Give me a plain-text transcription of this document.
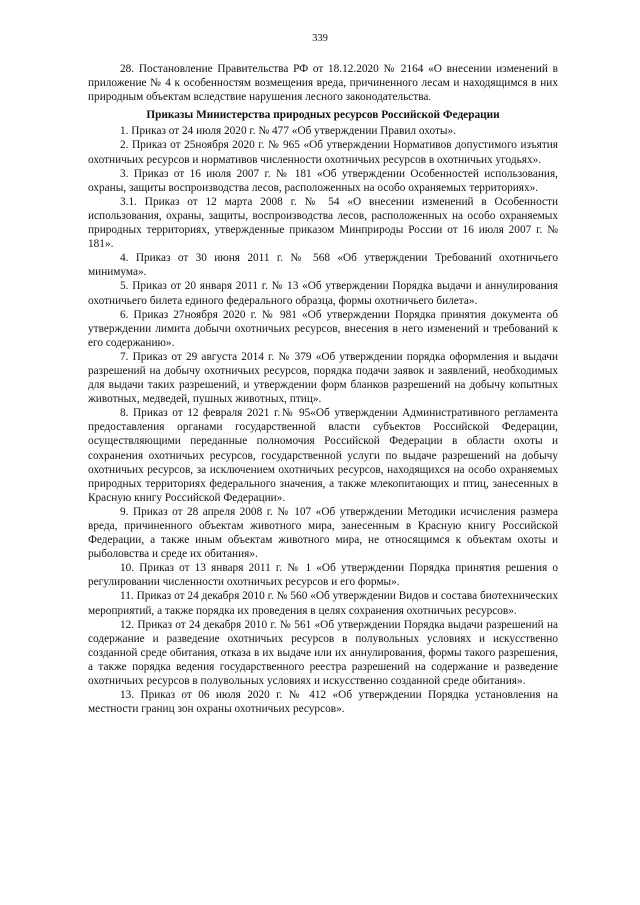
339

28. Постановление Правительства РФ от 18.12.2020 № 2164 «О внесении изменений в приложение № 4 к особенностям возмещения вреда, причиненного лесам и находящимся в них природным объектам вследствие нарушения лесного законодательства.

Приказы Министерства природных ресурсов Российской Федерации

1. Приказ от 24 июля 2020 г. № 477 «Об утверждении Правил охоты».

2. Приказ от 25ноября 2020 г. № 965 «Об утверждении Нормативов допустимого изъятия охотничьих ресурсов и нормативов численности охотничьих ресурсов в охотничьих угодьях».

3. Приказ от 16 июля 2007 г. № 181 «Об утверждении Особенностей использования, охраны, защиты воспроизводства лесов, расположенных на особо охраняемых территориях».

3.1. Приказ от 12 марта 2008 г. № 54 «О внесении изменений в Особенности использования, охраны, защиты, воспроизводства лесов, расположенных на особо охраняемых природных территориях, утвержденные приказом Минприроды России от 16 июля 2007 г. № 181».

4. Приказ от 30 июня 2011 г. № 568 «Об утверждении Требований охотничьего минимума».

5. Приказ от 20 января 2011 г. № 13 «Об утверждении Порядка выдачи и аннулирования охотничьего билета единого федерального образца, формы охотничьего билета».

6. Приказ 27ноября 2020 г. № 981 «Об утверждении Порядка принятия документа об утверждении лимита добычи охотничьих ресурсов, внесения в него изменений и требований к его содержанию».

7. Приказ от 29 августа 2014 г. № 379 «Об утверждении порядка оформления и выдачи разрешений на добычу охотничьих ресурсов, порядка подачи заявок и заявлений, необходимых для выдачи таких разрешений, и утверждении форм бланков разрешений на добычу копытных животных, медведей, пушных животных, птиц».

8. Приказ от 12 февраля 2021 г.№ 95«Об утверждении Административного регламента предоставления органами государственной власти субъектов Российской Федерации, осуществляющими переданные полномочия Российской Федерации в области охоты и сохранения охотничьих ресурсов, государственной услуги по выдаче разрешений на добычу охотничьих ресурсов, за исключением охотничьих ресурсов, находящихся на особо охраняемых природных территориях федерального значения, а также млекопитающих и птиц, занесенных в Красную книгу Российской Федерации».

9. Приказ от 28 апреля 2008 г. № 107 «Об утверждении Методики исчисления размера вреда, причиненного объектам животного мира, занесенным в Красную книгу Российской Федерации, а также иным объектам животного мира, не относящимся к объектам охоты и рыболовства и среде их обитания».

10. Приказ от 13 января 2011 г. № 1 «Об утверждении Порядка принятия решения о регулировании численности охотничьих ресурсов и его формы».

11. Приказ от 24 декабря 2010 г. № 560 «Об утверждении Видов и состава биотехнических мероприятий, а также порядка их проведения в целях сохранения охотничьих ресурсов».

12. Приказ от 24 декабря 2010 г. № 561 «Об утверждении Порядка выдачи разрешений на содержание и разведение охотничьих ресурсов в полувольных условиях и искусственно созданной среде обитания, отказа в их выдаче или их аннулирования, формы такого разрешения, а также порядка ведения государственного реестра разрешений на содержание и разведение охотничьих ресурсов в полувольных условиях и искусственно созданной среде обитания».

13. Приказ от 06 июля 2020 г. № 412 «Об утверждении Порядка установления на местности границ зон охраны охотничьих ресурсов».
